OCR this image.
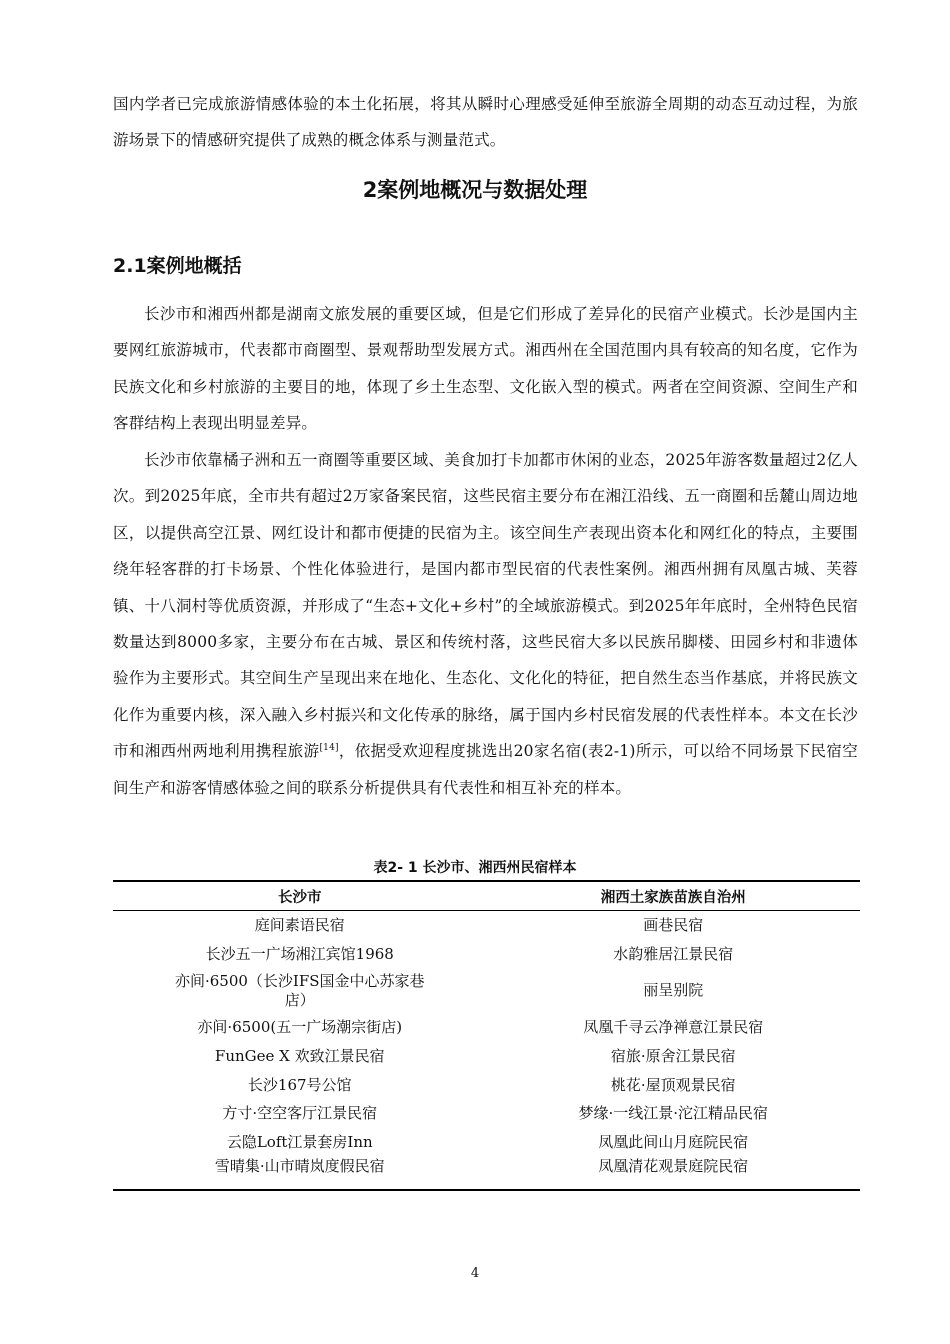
国内学者已完成旅游情感体验的本土化拓展，将其从瞬时心理感受延伸至旅游全周期的动态互动过程，为旅游场景下的情感研究提供了成熟的概念体系与测量范式。

2案例地概况与数据处理
2.1案例地概括

长沙市和湘西州都是湖南文旅发展的重要区域，但是它们形成了差异化的民宿产业模式。长沙是国内主要网红旅游城市，代表都市商圈型、景观帮助型发展方式。湘西州在全国范围内具有较高的知名度，它作为民族文化和乡村旅游的主要目的地，体现了乡土生态型、文化嵌入型的模式。两者在空间资源、空间生产和客群结构上表现出明显差异。

长沙市依靠橘子洲和五一商圈等重要区域、美食加打卡加都市休闲的业态，2025年游客数量超过2亿人次。到2025年底，全市共有超过2万家备案民宿，这些民宿主要分布在湘江沿线、五一商圈和岳麓山周边地区，以提供高空江景、网红设计和都市便捷的民宿为主。该空间生产表现出资本化和网红化的特点，主要围绕年轻客群的打卡场景、个性化体验进行，是国内都市型民宿的代表性案例。湘西州拥有凤凰古城、芙蓉镇、十八洞村等优质资源，并形成了“生态+文化+乡村”的全域旅游模式。到2025年年底时，全州特色民宿数量达到8000多家，主要分布在古城、景区和传统村落，这些民宿大多以民族吊脚楼、田园乡村和非遗体验作为主要形式。其空间生产呈现出来在地化、生态化、文化化的特征，把自然生态当作基底，并将民族文化作为重要内核，深入融入乡村振兴和文化传承的脉络，属于国内乡村民宿发展的代表性样本。本文在长沙市和湘西州两地利用携程旅游[14]，依据受欢迎程度挑选出20家名宿(表2-1)所示，可以给不同场景下民宿空间生产和游客情感体验之间的联系分析提供具有代表性和相互补充的样本。

表2- 1 长沙市、湘西州民宿样本

长沙市	湘西土家族苗族自治州
庭间素语民宿	画巷民宿
长沙五一广场湘江宾馆1968	水韵雅居江景民宿

亦间·6500（长沙IFS国金中心苏家巷店）	丽呈别院
亦间·6500(五一广场潮宗街店)	凤凰千寻云净禅意江景民宿
FunGee X 欢致江景民宿	宿旅·原舍江景民宿
长沙167号公馆	桃花·屋顶观景民宿
方寸·空空客厅江景民宿	梦缘·一线江景·沱江精品民宿
云隐Loft江景套房Inn	凤凰此间山月庭院民宿
雪晴集·山市晴岚度假民宿	凤凰清花观景庭院民宿

4
